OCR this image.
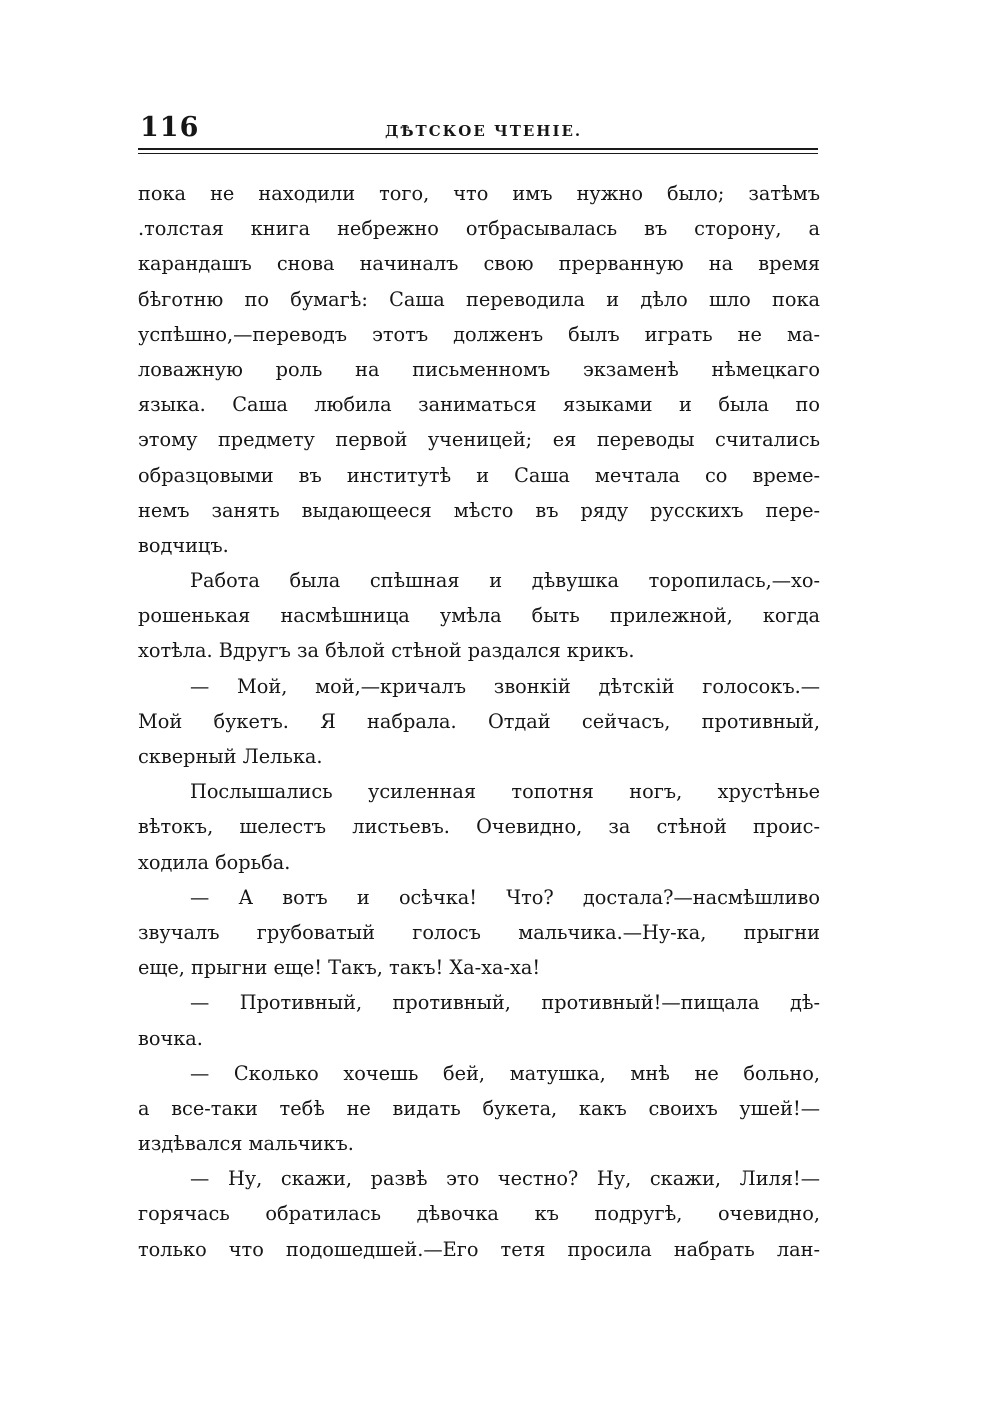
116	ДѢТСКОЕ ЧТЕНІЕ.
пока не находили того, что имъ нужно было; затѣмъ
.толстая книга небрежно отбрасывалась въ сторону, а
карандашъ снова начиналъ свою прерванную на время
бѣготню по бумагѣ: Саша переводила и дѣло шло пока
успѣшно,—переводъ этотъ долженъ былъ играть не ма-
ловажную роль на письменномъ экзаменѣ нѣмецкаго
языка. Саша любила заниматься языками и была по
этому предмету первой ученицей; ея переводы считались
образцовыми въ институтѣ и Саша мечтала со време-
немъ занять выдающееся мѣсто въ ряду русскихъ пере-
водчицъ.
Работа была спѣшная и дѣвушка торопилась,—хо-
рошенькая насмѣшница умѣла быть прилежной, когда
хотѣла. Вдругъ за бѣлой стѣной раздался крикъ.
— Мой, мой,—кричалъ звонкій дѣтскій голосокъ.—
Мой букетъ. Я набрала. Отдай сейчасъ, противный,
скверный Лелька.
Послышались усиленная топотня ногъ, хрустѣнье
вѣтокъ, шелестъ листьевъ. Очевидно, за стѣной проис-
ходила борьба.
— А вотъ и осѣчка! Что? достала?—насмѣшливо
звучалъ грубоватый голосъ мальчика.—Ну-ка, прыгни
еще, прыгни еще! Такъ, такъ! Ха-ха-ха!
— Противный, противный, противный!—пищала дѣ-
вочка.
— Сколько хочешь бей, матушка, мнѣ не больно,
а все-таки тебѣ не видать букета, какъ своихъ ушей!—
издѣвался мальчикъ.
— Ну, скажи, развѣ это честно? Ну, скажи, Лиля!—
горячась обратилась дѣвочка къ подругѣ, очевидно,
только что подошедшей.—Его тетя просила набрать лан-
